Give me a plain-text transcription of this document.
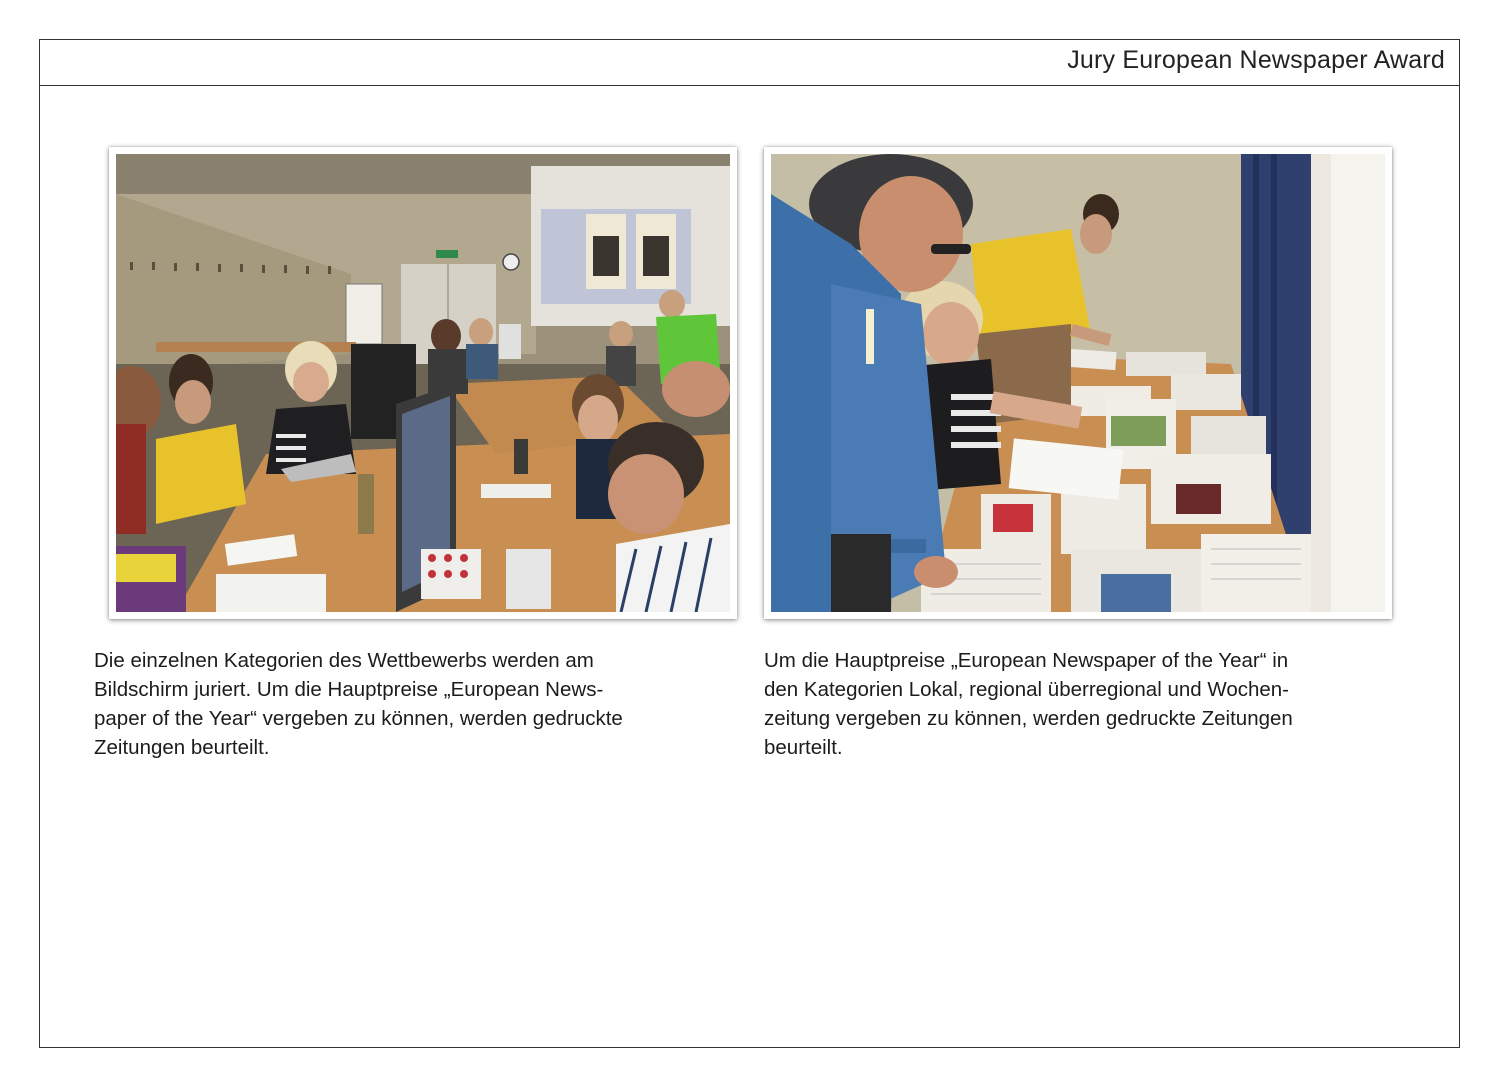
Jury European Newspaper Award
Die einzelnen Kategorien des Wettbewerbs werden am
Bildschirm juriert. Um die Hauptpreise „European News-
paper of the Year“ vergeben zu können, werden gedruckte
Zeitungen beurteilt.
Um die Hauptpreise „European Newspaper of the Year“ in
den Kategorien Lokal, regional überregional und Wochen-
zeitung vergeben zu können, werden gedruckte Zeitungen
beurteilt.
